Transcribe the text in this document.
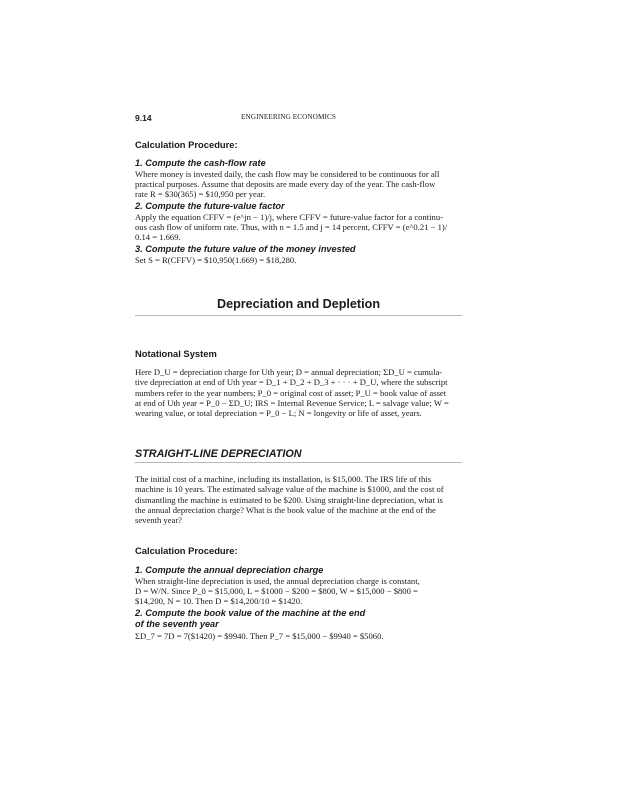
9.14	ENGINEERING ECONOMICS

Calculation Procedure:

1. Compute the cash-flow rate

Where money is invested daily, the cash flow may be considered to be continuous for all

practical purposes. Assume that deposits are made every day of the year. The cash-flow

rate R = $30(365) = $10,950 per year.

2. Compute the future-value factor

Apply the equation CFFV = (e^jn − 1)/j, where CFFV = future-value factor for a continu-

ous cash flow of uniform rate. Thus, with n = 1.5 and j = 14 percent, CFFV = (e^0.21 − 1)/

0.14 = 1.669.

3. Compute the future value of the money invested

Set S = R(CFFV) = $10,950(1.669) = $18,280.

Depreciation and Depletion

Notational System

Here D_U = depreciation charge for Uth year; D = annual depreciation; ΣD_U = cumula-

tive depreciation at end of Uth year = D_1 + D_2 + D_3 + · · · + D_U, where the subscript

numbers refer to the year numbers; P_0 = original cost of asset; P_U = book value of asset

at end of Uth year = P_0 − ΣD_U; IRS = Internal Revenue Service; L = salvage value; W =

wearing value, or total depreciation = P_0 − L; N = longevity or life of asset, years.

STRAIGHT-LINE DEPRECIATION

The initial cost of a machine, including its installation, is $15,000. The IRS life of this

machine is 10 years. The estimated salvage value of the machine is $1000, and the cost of

dismantling the machine is estimated to be $200. Using straight-line depreciation, what is

the annual depreciation charge? What is the book value of the machine at the end of the

seventh year?

Calculation Procedure:

1. Compute the annual depreciation charge

When straight-line depreciation is used, the annual depreciation charge is constant,

D = W/N. Since P_0 = $15,000, L = $1000 − $200 = $800, W = $15,000 − $800 =

$14,200, N = 10. Then D = $14,200/10 = $1420.

2. Compute the book value of the machine at the end

of the seventh year

ΣD_7 = 7D = 7($1420) = $9940. Then P_7 = $15,000 − $9940 = $5060.
